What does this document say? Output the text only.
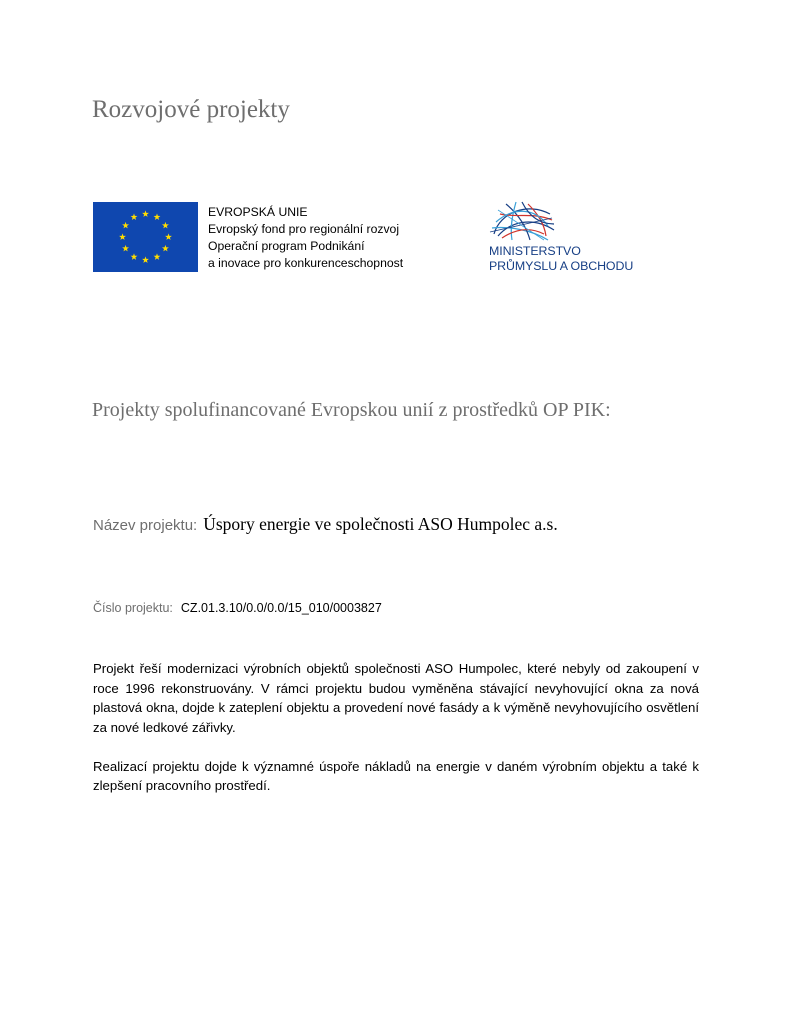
Rozvojové projekty
EVROPSKÁ UNIE
Evropský fond pro regionální rozvoj
Operační program Podnikání
a inovace pro konkurenceschopnost
MINISTERSTVO
PRŮMYSLU A OBCHODU
Projekty spolufinancované Evropskou unií z prostředků OP PIK:
Název projektu: Úspory energie ve společnosti ASO Humpolec a.s.
Číslo projektu: CZ.01.3.10/0.0/0.0/15_010/0003827

Projekt řeší modernizaci výrobních objektů společnosti ASO Humpolec, které nebyly od zakoupení v roce 1996 rekonstruovány. V rámci projektu budou vyměněna stávající nevyhovující okna za nová plastová okna, dojde k zateplení objektu a provedení nové fasády a k výměně nevyhovujícího osvětlení za nové ledkové zářivky.

Realizací projektu dojde k významné úspoře nákladů na energie v daném výrobním objektu a také k zlepšení pracovního prostředí.
